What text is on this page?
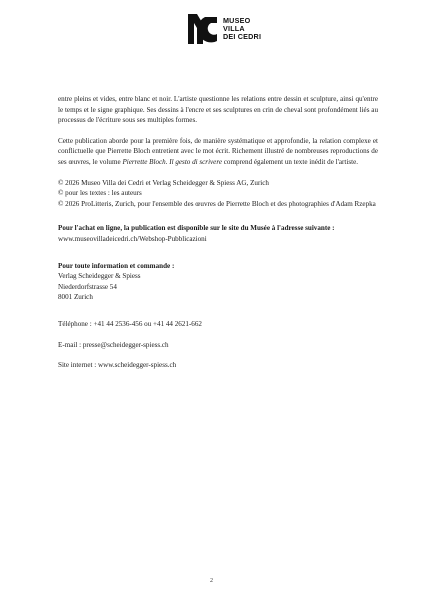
MUSEO
VILLA
DEI CEDRI

entre pleins et vides, entre blanc et noir. L'artiste questionne les relations entre dessin et sculpture, ainsi qu'entre le temps et le signe graphique. Ses dessins à l'encre et ses sculptures en crin de cheval sont profondément liés au processus de l'écriture sous ses multiples formes.

Cette publication aborde pour la première fois, de manière systématique et approfondie, la relation complexe et conflictuelle que Pierrette Bloch entretient avec le mot écrit. Richement illustré de nombreuses reproductions de ses œuvres, le volume Pierrette Bloch. Il gesto di scrivere comprend également un texte inédit de l'artiste.

© 2026 Museo Villa dei Cedri et Verlag Scheidegger & Spiess AG, Zurich

© pour les textes : les auteurs

© 2026 ProLitteris, Zurich, pour l'ensemble des œuvres de Pierrette Bloch et des photographies d'Adam Rzepka

Pour l'achat en ligne, la publication est disponible sur le site du Musée à l'adresse suivante :

www.museovilladeicedri.ch/Webshop-Pubblicazioni

Pour toute information et commande :

Verlag Scheidegger & Spiess

Niederdorfstrasse 54

8001 Zurich

Téléphone : +41 44 2536-456 ou +41 44 2621-662

E-mail : presse@scheidegger-spiess.ch

Site internet : www.scheidegger-spiess.ch

2
